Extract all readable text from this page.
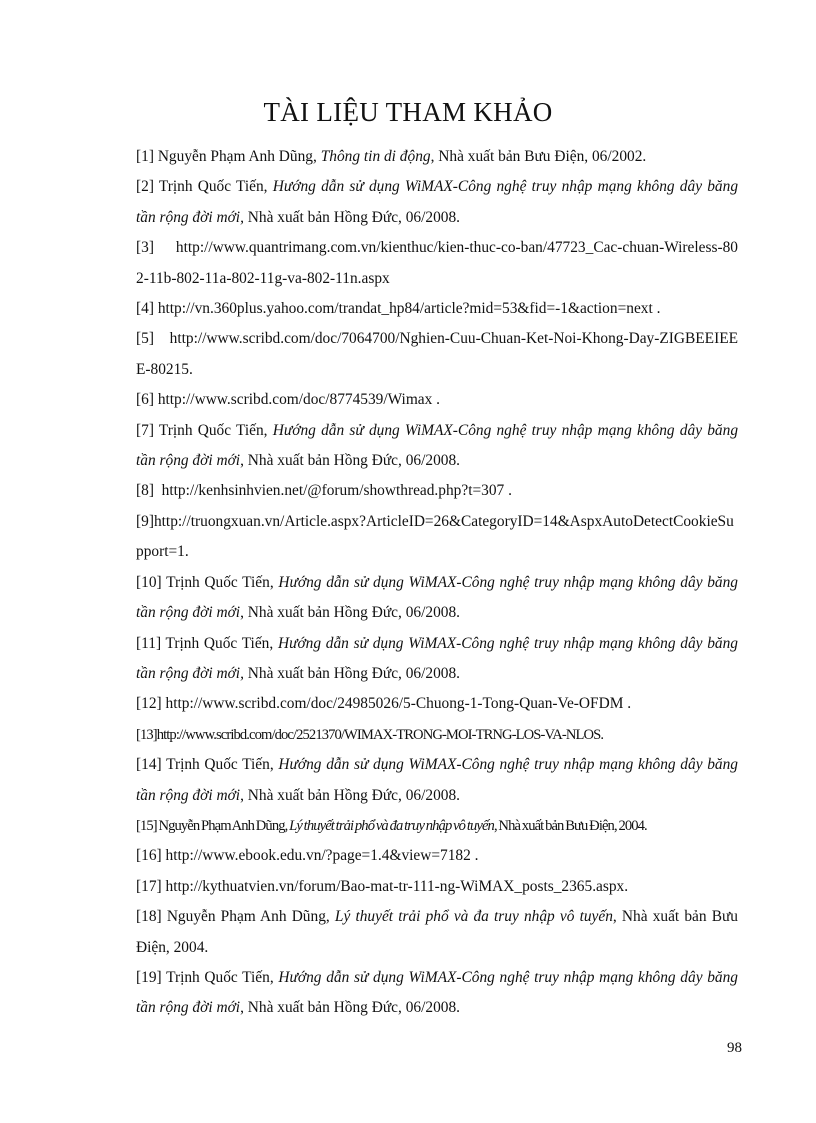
TÀI LIỆU THAM KHẢO

[1] Nguyễn Phạm Anh Dũng, Thông tin di động, Nhà xuất bản Bưu Điện, 06/2002.

[2] Trịnh Quốc Tiến, Hướng dẫn sử dụng WiMAX-Công nghệ truy nhập mạng không dây băng tần rộng đời mới, Nhà xuất bản Hồng Đức, 06/2008.

[3] http://www.quantrimang.com.vn/kienthuc/kien-thuc-co-ban/47723_Cac-chuan-Wireless-802-11b-802-11a-802-11g-va-802-11n.aspx

[4] http://vn.360plus.yahoo.com/trandat_hp84/article?mid=53&fid=-1&action=next .

[5] http://www.scribd.com/doc/7064700/Nghien-Cuu-Chuan-Ket-Noi-Khong-Day-ZIGBEEIEEE-80215.

[6] http://www.scribd.com/doc/8774539/Wimax .

[7] Trịnh Quốc Tiến, Hướng dẫn sử dụng WiMAX-Công nghệ truy nhập mạng không dây băng tần rộng đời mới, Nhà xuất bản Hồng Đức, 06/2008.

[8] http://kenhsinhvien.net/@forum/showthread.php?t=307 .

[9]http://truongxuan.vn/Article.aspx?ArticleID=26&CategoryID=14&AspxAutoDetectCookieSupport=1.

[10] Trịnh Quốc Tiến, Hướng dẫn sử dụng WiMAX-Công nghệ truy nhập mạng không dây băng tần rộng đời mới, Nhà xuất bản Hồng Đức, 06/2008.

[11] Trịnh Quốc Tiến, Hướng dẫn sử dụng WiMAX-Công nghệ truy nhập mạng không dây băng tần rộng đời mới, Nhà xuất bản Hồng Đức, 06/2008.

[12] http://www.scribd.com/doc/24985026/5-Chuong-1-Tong-Quan-Ve-OFDM .

[13]http://www.scribd.com/doc/2521370/WIMAX-TRONG-MOI-TRNG-LOS-VA-NLOS.

[14] Trịnh Quốc Tiến, Hướng dẫn sử dụng WiMAX-Công nghệ truy nhập mạng không dây băng tần rộng đời mới, Nhà xuất bản Hồng Đức, 06/2008.

[15] Nguyễn Phạm Anh Dũng, Lý thuyết trải phổ và đa truy nhập vô tuyến, Nhà xuất bản Bưu Điện, 2004.

[16] http://www.ebook.edu.vn/?page=1.4&view=7182 .

[17] http://kythuatvien.vn/forum/Bao-mat-tr-111-ng-WiMAX_posts_2365.aspx.

[18] Nguyễn Phạm Anh Dũng, Lý thuyết trải phổ và đa truy nhập vô tuyến, Nhà xuất bản Bưu Điện, 2004.

[19] Trịnh Quốc Tiến, Hướng dẫn sử dụng WiMAX-Công nghệ truy nhập mạng không dây băng tần rộng đời mới, Nhà xuất bản Hồng Đức, 06/2008.

98
